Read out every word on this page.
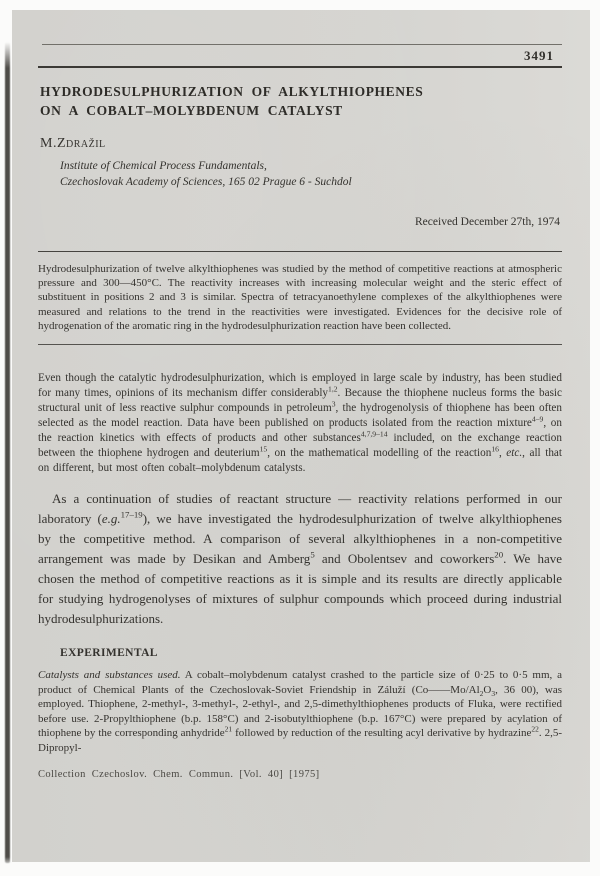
3491
HYDRODESULPHURIZATION OF ALKYLTHIOPHENES
ON A COBALT–MOLYBDENUM CATALYST
M.Zdražil
Institute of Chemical Process Fundamentals,
Czechoslovak Academy of Sciences, 165 02 Prague 6 - Suchdol
Received December 27th, 1974

Hydrodesulphurization of twelve alkylthiophenes was studied by the method of competitive reactions at atmospheric pressure and 300—450°C. The reactivity increases with increasing molecular weight and the steric effect of substituent in positions 2 and 3 is similar. Spectra of tetracyanoethylene complexes of the alkylthiophenes were measured and relations to the trend in the reactivities were investigated. Evidences for the decisive role of hydrogenation of the aromatic ring in the hydrodesulphurization reaction have been collected.

Even though the catalytic hydrodesulphurization, which is employed in large scale by industry, has been studied for many times, opinions of its mechanism differ considerably$^{1,2}$. Because the thiophene nucleus forms the basic structural unit of less reactive sulphur compounds in petroleum$^3$, the hydrogenolysis of thiophene has been often selected as the model reaction. Data have been published on products isolated from the reaction mixture$^{4-9}$, on the reaction kinetics with effects of products and other substances$^{4,7,9-14}$ included, on the exchange reaction between the thiophene hydrogen and deuterium$^{15}$, on the mathematical modelling of the reaction$^{16}$, etc., all that on different, but most often cobalt–molybdenum catalysts.

As a continuation of studies of reactant structure — reactivity relations performed in our laboratory (e.g.$^{17-19}$), we have investigated the hydrodesulphurization of twelve alkylthiophenes by the competitive method. A comparison of several alkylthiophenes in a non-competitive arrangement was made by Desikan and Amberg$^5$ and Obolentsev and coworkers$^{20}$. We have chosen the method of competitive reactions as it is simple and its results are directly applicable for studying hydrogenolyses of mixtures of sulphur compounds which proceed during industrial hydrodesulphurizations.

EXPERIMENTAL

Catalysts and substances used. A cobalt–molybdenum catalyst crashed to the particle size of 0·25 to 0·5 mm, a product of Chemical Plants of the Czechoslovak-Soviet Friendship in Záluží ($Co——Mo/Al_2O_3$, 36 00), was employed. Thiophene, 2-methyl-, 3-methyl-, 2-ethyl-, and 2,5-dimethylthiophenes products of Fluka, were rectified before use. 2-Propylthiophene (b.p. 158°C) and 2-isobutylthiophene (b.p. 167°C) were prepared by acylation of thiophene by the corresponding anhydride$^{21}$ followed by reduction of the resulting acyl derivative by hydrazine$^{22}$. 2,5-Dipropyl-

Collection Czechoslov. Chem. Commun. [Vol. 40] [1975]
